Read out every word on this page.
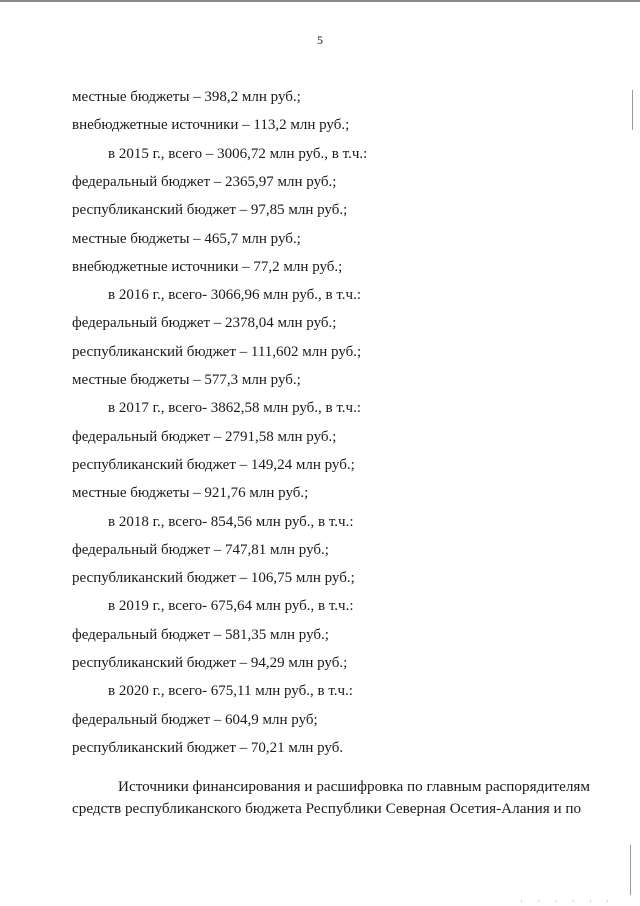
5
местные бюджеты – 398,2 млн руб.;
внебюджетные источники – 113,2 млн руб.;
в 2015 г., всего – 3006,72 млн руб., в т.ч.:
федеральный бюджет – 2365,97 млн руб.;
республиканский бюджет – 97,85 млн руб.;
местные бюджеты – 465,7 млн руб.;
внебюджетные источники – 77,2 млн руб.;
в 2016 г., всего- 3066,96 млн руб., в т.ч.:
федеральный бюджет – 2378,04 млн руб.;
республиканский бюджет – 111,602 млн руб.;
местные бюджеты – 577,3 млн руб.;
в 2017 г., всего- 3862,58 млн руб., в т.ч.:
федеральный бюджет – 2791,58 млн руб.;
республиканский бюджет – 149,24 млн руб.;
местные бюджеты – 921,76 млн руб.;
в 2018 г., всего- 854,56 млн руб., в т.ч.:
федеральный бюджет – 747,81 млн руб.;
республиканский бюджет – 106,75 млн руб.;
в 2019 г., всего- 675,64 млн руб., в т.ч.:
федеральный бюджет – 581,35 млн руб.;
республиканский бюджет – 94,29 млн руб.;
в 2020 г., всего- 675,11 млн руб., в т.ч.:
федеральный бюджет – 604,9 млн руб;
республиканский бюджет – 70,21 млн руб.

Источники финансирования и расшифровка по главным распорядителям

средств республиканского бюджета Республики Северная Осетия-Алания и по

· · · · · ·
